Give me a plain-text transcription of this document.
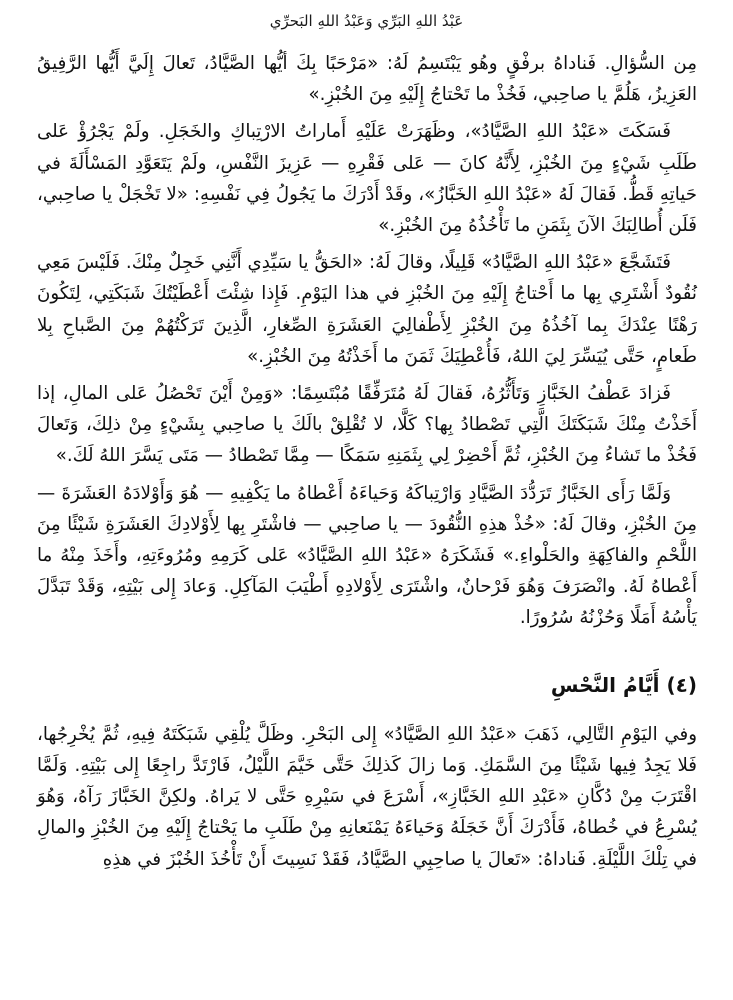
عَبْدُ اللهِ البَرِّي وَعَبْدُ اللهِ البَحرِّي

مِن السُّؤالِ. فَناداهُ برفْقٍ وهُو يَبْتَسِمُ لَهُ: «مَرْحَبًا بِكَ أيُّها الصَّيَّادُ، تَعالَ إِلَيَّ أَيُّها الرَّفِيقُ العَزِيزُ، هَلُمَّ يا صاحِبي، فَخُذْ ما تَحْتاجُ إِلَيْهِ مِنَ الخُبْزِ.»

فَسَكَتَ «عَبْدُ اللهِ الصَّيَّادُ»، وظَهَرَتْ عَلَيْهِ أَماراتُ الارْتِباكِ والخَجَلِ. ولَمْ يَجْرُؤْ عَلى طَلَبِ شَيْءٍ مِنَ الخُبْزِ، لِأَنَّهُ كانَ — عَلى فَقْرِهِ — عَزِيزَ النَّفْسِ، ولَمْ يَتَعَوَّدِ المَسْأَلَةَ في حَياتِهِ قَطُّ. فَقالَ لَهُ «عَبْدُ اللهِ الخَبَّازُ»، وقَدْ أَدْرَكَ ما يَجُولُ فِي نَفْسِهِ: «لا تَخْجَلْ يا صاحِبي، فَلَن أُطالِبَكَ الآنَ بِثَمَنِ ما تَأْخُذُهُ مِنَ الخُبْزِ.»

فَتَشَجَّعَ «عَبْدُ اللهِ الصَّيَّادُ» قَلِيلًا، وقالَ لَهُ: «الحَقُّ يا سَيِّدِي أَنَّنِي خَجِلٌ مِنْكَ. فَلَيْسَ مَعِي نُقُودٌ أَشْتَرِي بِها ما أَحْتاجُ إِلَيْهِ مِنَ الخُبْزِ في هذا اليَوْمِ. فَإِذا شِئْتَ أَعْطَيْتُكَ شَبَكَتِي، لِتَكُونَ رَهْنًا عِنْدَكَ بِما آخُذُهُ مِنَ الخُبْزِ لِأَطْفالِيَ العَشَرَةِ الصِّغارِ، الَّذِينَ تَرَكْتُهُمْ مِنَ الصَّباحِ بِلا طَعامٍ، حَتَّى يُيَسِّرَ لِيَ اللهُ، فَأُعْطِيَكَ ثَمَنَ ما أَخَذْتُهُ مِنَ الخُبْزِ.»

فَزادَ عَطْفُ الخَبَّازِ وَتَأَثُّرُهُ، فَقالَ لَهُ مُتَرَفِّقًا مُبْتَسِمًا: «وَمِنْ أَيْنَ تَحْصُلُ عَلى المالِ، إذا أَخَذْتُ مِنْكَ شَبَكَتَكَ الَّتِي تَصْطادُ بِها؟ كَلَّا، لا تُقْلِقْ بالَكَ يا صاحِبي بِشَيْءٍ مِنْ ذلِكَ، وَتَعالَ فَخُذْ ما تَشاءُ مِنَ الخُبْزِ، ثُمَّ أَحْضِرْ لِي بِثَمَنِهِ سَمَكًا — مِمَّا تَصْطادُ — مَتَى يَسَّرَ اللهُ لَكَ.»

وَلَمَّا رَأَى الخَبَّازُ تَرَدُّدَ الصَّيَّادِ وَارْتِباكَهُ وَحَياءَهُ أَعْطاهُ ما يَكْفِيهِ — هُوَ وَأَوْلادَهُ العَشَرَةَ — مِنَ الخُبْزِ، وقالَ لَهُ: «خُذْ هذِهِ النُّقُودَ — يا صاحِبي — فاشْتَرِ بِها لِأَوْلادِكَ العَشَرَةِ شَيْئًا مِنَ اللَّحْمِ والفاكِهَةِ والحَلْواءِ.» فَشَكَرَهُ «عَبْدُ اللهِ الصَّيَّادُ» عَلى كَرَمِهِ ومُرُوءَتِهِ، وأَخَذَ مِنْهُ ما أَعْطاهُ لَهُ. وانْصَرَفَ وَهُوَ فَرْحانٌ، واشْتَرَى لِأَوْلادِهِ أَطْيَبَ المَآكِلِ. وَعادَ إِلى بَيْتِهِ، وَقَدْ تَبَدَّلَ يَأْسُهُ أَمَلًا وَحُزْنُهُ سُرُورًا.

(٤) أَيَّامُ النَّحْسِ

وفي اليَوْمِ التَّالِي، ذَهَبَ «عَبْدُ اللهِ الصَّيَّادُ» إِلى البَحْرِ. وظَلَّ يُلْقِي شَبَكَتَهُ فِيهِ، ثُمَّ يُخْرِجُها، فَلا يَجِدُ فِيها شَيْئًا مِنَ السَّمَكِ. وَما زالَ كَذلِكَ حَتَّى خَيَّمَ اللَّيْلُ، فَارْتَدَّ راجِعًا إِلى بَيْتِهِ. وَلَمَّا اقْتَرَبَ مِنْ دُكَّانِ «عَبْدِ اللهِ الخَبَّازِ»، أَسْرَعَ في سَيْرِهِ حَتَّى لا يَراهُ. ولكِنَّ الخَبَّازَ رَآهُ، وَهُوَ يُسْرِعُ في خُطاهُ، فَأَدْرَكَ أَنَّ خَجَلَهُ وَحَياءَهُ يَمْنَعانِهِ مِنْ طَلَبِ ما يَحْتاجُ إِلَيْهِ مِنَ الخُبْزِ والمالِ في تِلْكَ اللَّيْلَةِ. فَناداهُ: «تَعالَ يا صاحِبِي الصَّيَّادُ، فَقَدْ نَسِيتَ أَنْ تَأْخُذَ الخُبْزَ في هذِهِ
